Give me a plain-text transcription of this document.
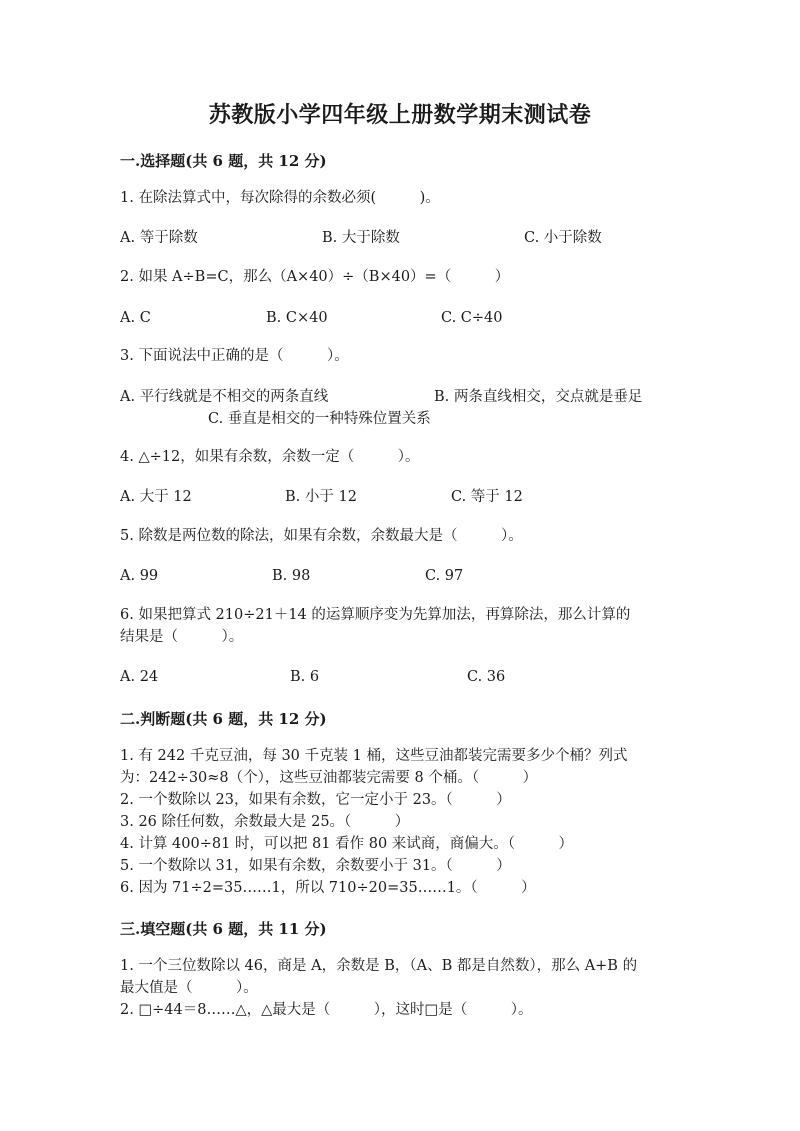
苏教版小学四年级上册数学期末测试卷
一.选择题(共 6 题，共 12 分)
1. 在除法算式中，每次除得的余数必须(　　　)。
A. 等于除数	B. 大于除数	C. 小于除数
2. 如果 A÷B=C，那么（A×40）÷（B×40）=（　　　）
A. C	B. C×40	C. C÷40
3. 下面说法中正确的是（　　　）。
A. 平行线就是不相交的两条直线	B. 两条直线相交，交点就是垂足
C. 垂直是相交的一种特殊位置关系
4. △÷12，如果有余数，余数一定（　　　）。
A. 大于 12	B. 小于 12	C. 等于 12
5. 除数是两位数的除法，如果有余数，余数最大是（　　　）。
A. 99	B. 98	C. 97
6. 如果把算式 210÷21＋14 的运算顺序变为先算加法，再算除法，那么计算的
结果是（　　　）。
A. 24	B. 6	C. 36
二.判断题(共 6 题，共 12 分)
1. 有 242 千克豆油，每 30 千克装 1 桶，这些豆油都装完需要多少个桶？列式
为：242÷30≈8（个），这些豆油都装完需要 8 个桶。（　　　）
2. 一个数除以 23，如果有余数，它一定小于 23。（　　　）
3. 26 除任何数，余数最大是 25。（　　　）
4. 计算 400÷81 时，可以把 81 看作 80 来试商，商偏大。（　　　）
5. 一个数除以 31，如果有余数，余数要小于 31。（　　　）
6. 因为 71÷2=35……1，所以 710÷20=35……1。（　　　）
三.填空题(共 6 题，共 11 分)
1. 一个三位数除以 46，商是 A，余数是 B，（A、B 都是自然数），那么 A+B 的
最大值是（　　　）。
2. □÷44＝8……△，△最大是（　　　），这时□是（　　　）。
